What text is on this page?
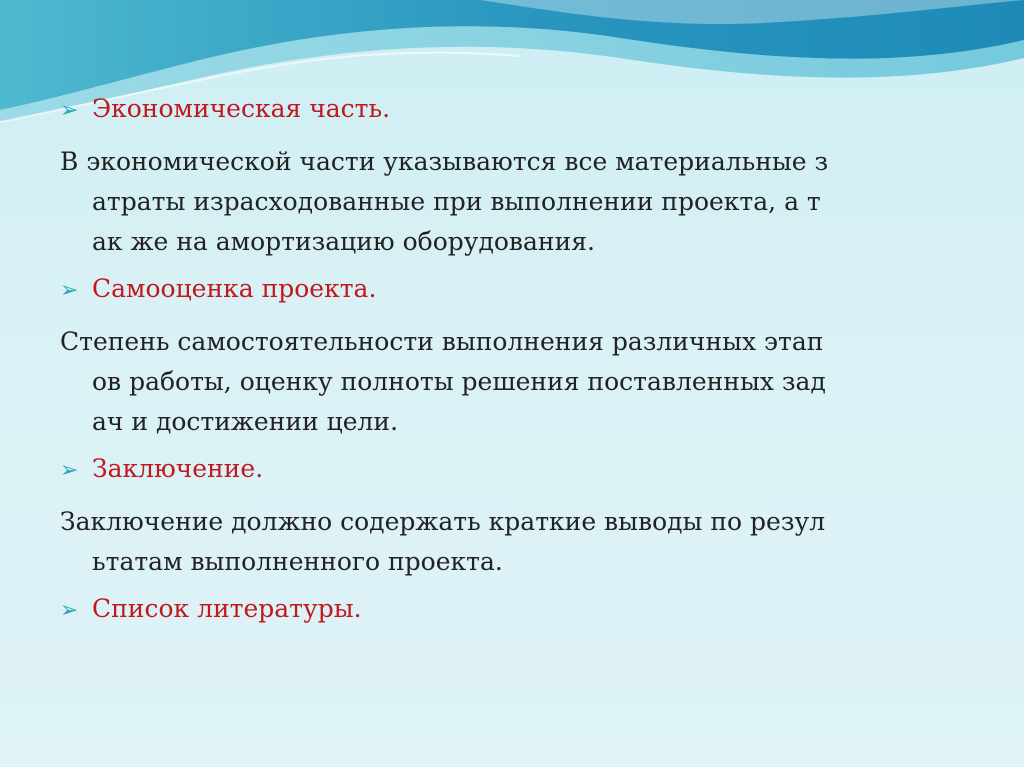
➢ Экономическая часть.
В экономической части указываются все материальные з
атраты израсходованные при выполнении проекта, а т
ак же на амортизацию оборудования.
➢ Самооценка проекта.
Степень самостоятельности выполнения различных этап
ов работы, оценку полноты решения поставленных зад
ач и достижении цели.
➢ Заключение.
Заключение должно содержать краткие выводы по резул
ьтатам выполненного проекта.
➢ Список литературы.
